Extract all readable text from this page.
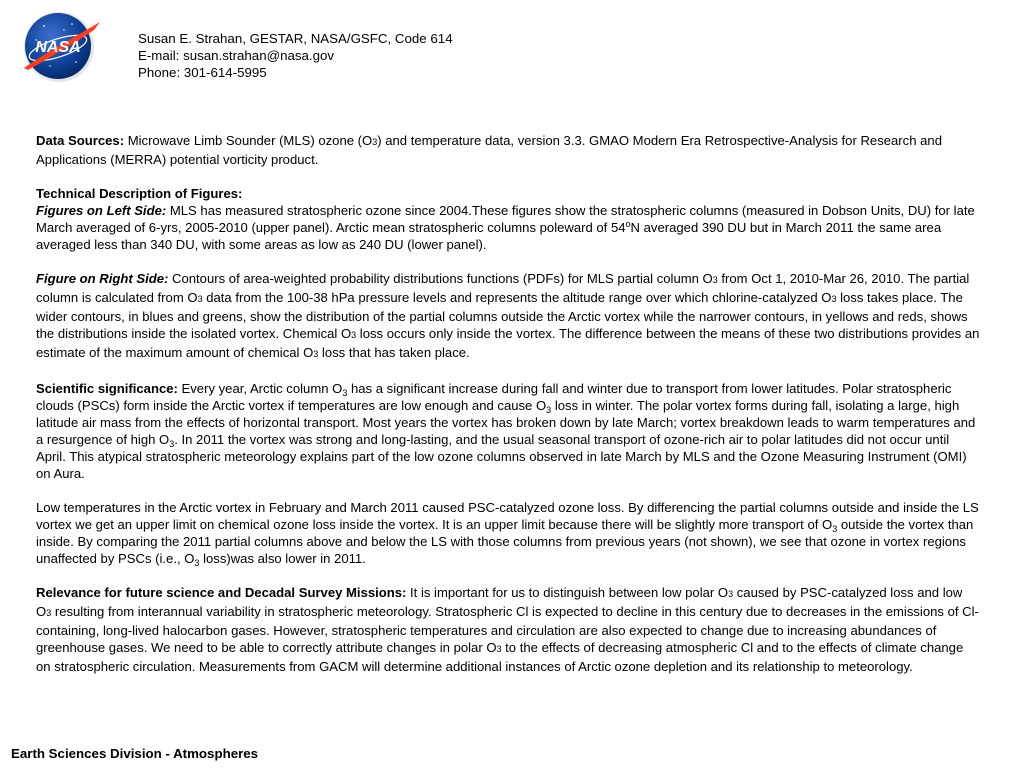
NASA
Susan E. Strahan, GESTAR, NASA/GSFC, Code 614
E-mail: susan.strahan@nasa.gov
Phone: 301-614-5995

Data Sources: Microwave Limb Sounder (MLS) ozone (O3) and temperature data, version 3.3. GMAO Modern Era Retrospective-Analysis for Research and Applications (MERRA) potential vorticity product.

Technical Description of Figures:

Figures on Left Side: MLS has measured stratospheric ozone since 2004.These figures show the stratospheric columns (measured in Dobson Units, DU) for late March averaged of 6-yrs, 2005-2010 (upper panel). Arctic mean stratospheric columns poleward of 54$^o$N averaged 390 DU but in March 2011 the same area averaged less than 340 DU, with some areas as low as 240 DU (lower panel).

Figure on Right Side: Contours of area-weighted probability distributions functions (PDFs) for MLS partial column O3 from Oct 1, 2010-Mar 26, 2010. The partial column is calculated from O3 data from the 100-38 hPa pressure levels and represents the altitude range over which chlorine-catalyzed O3 loss takes place. The wider contours, in blues and greens, show the distribution of the partial columns outside the Arctic vortex while the narrower contours, in yellows and reds, shows the distributions inside the isolated vortex. Chemical O3 loss occurs only inside the vortex. The difference between the means of these two distributions provides an estimate of the maximum amount of chemical O3 loss that has taken place.

Scientific significance: Every year, Arctic column $O_3$ has a significant increase during fall and winter due to transport from lower latitudes. Polar stratospheric clouds (PSCs) form inside the Arctic vortex if temperatures are low enough and cause $O_3$ loss in winter. The polar vortex forms during fall, isolating a large, high latitude air mass from the effects of horizontal transport. Most years the vortex has broken down by late March; vortex breakdown leads to warm temperatures and a resurgence of high $O_3$. In 2011 the vortex was strong and long-lasting, and the usual seasonal transport of ozone-rich air to polar latitudes did not occur until April. This atypical stratospheric meteorology explains part of the low ozone columns observed in late March by MLS and the Ozone Measuring Instrument (OMI) on Aura.

Low temperatures in the Arctic vortex in February and March 2011 caused PSC-catalyzed ozone loss. By differencing the partial columns outside and inside the LS vortex we get an upper limit on chemical ozone loss inside the vortex. It is an upper limit because there will be slightly more transport of $O_3$ outside the vortex than inside. By comparing the 2011 partial columns above and below the LS with those columns from previous years (not shown), we see that ozone in vortex regions unaffected by PSCs (i.e., $O_3$ loss)was also lower in 2011.

Relevance for future science and Decadal Survey Missions: It is important for us to distinguish between low polar O3 caused by PSC-catalyzed loss and low O3 resulting from interannual variability in stratospheric meteorology. Stratospheric Cl is expected to decline in this century due to decreases in the emissions of Cl-containing, long-lived halocarbon gases. However, stratospheric temperatures and circulation are also expected to change due to increasing abundances of greenhouse gases. We need to be able to correctly attribute changes in polar O3 to the effects of decreasing atmospheric Cl and to the effects of climate change on stratospheric circulation. Measurements from GACM will determine additional instances of Arctic ozone depletion and its relationship to meteorology.

Earth Sciences Division - Atmospheres
